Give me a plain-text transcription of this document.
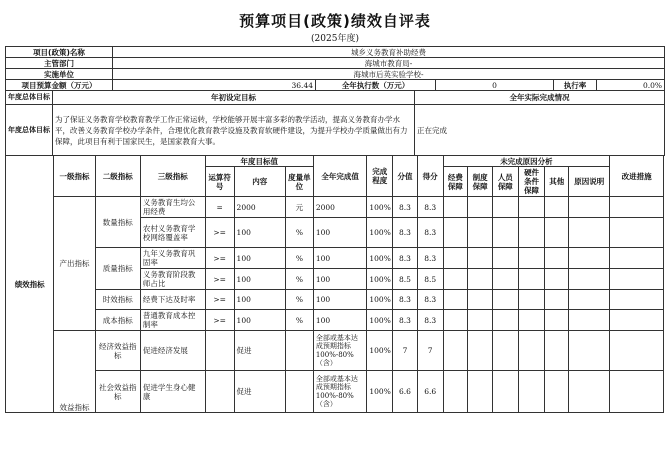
预算项目(政策)绩效自评表
(2025年度)
项目(政策)名称	城乡义务教育补助经费				
主管部门	海城市教育局-				
实施单位	海城市后英实验学校-				
项目预算金额（万元）	36.44	全年执行数（万元）	0	执行率	0.0%
年度总体目标	年初设定目标	全年实际完成情况
年度总体目标	为了保证义务教育学校教育教学工作正常运转，学校能够开展丰富多彩的教学活动，提高义务教育办学水平，改善义务教育学校办学条件，合理优化教育教学设施及教育软硬件建设，为提升学校办学质量做出有力保障，此项目有利于国家民生，是国家教育大事。	正在完成
绩效指标	一级指标	二级指标	三级指标	年度目标值			全年完成值	完成程度	分值	得分	未完成原因分析						改进措施
				运算符号	内容	度量单位					经费保障	制度保障	人员保障	硬件条件保障	其他	原因说明	
	产出指标	数量指标	义务教育生均公用经费	=	2000	元	2000	100%	8.3	8.3							
			农村义务教育学校网络覆盖率	>=	100	%	100	100%	8.3	8.3							
		质量指标	九年义务教育巩固率	>=	100	%	100	100%	8.3	8.3							
			义务教育阶段教师占比	>=	100	%	100	100%	8.5	8.5							
		时效指标	经费下达及时率	>=	100	%	100	100%	8.3	8.3							
		成本指标	普通教育成本控制率	>=	100	%	100	100%	8.3	8.3							
	效益指标	经济效益指标	促进经济发展		促进		全部或基本达成预期指标100%-80%（含）	100%	7	7							
		社会效益指标	促进学生身心健康		促进		全部或基本达成预期指标100%-80%（含）	100%	6.6	6.6							
